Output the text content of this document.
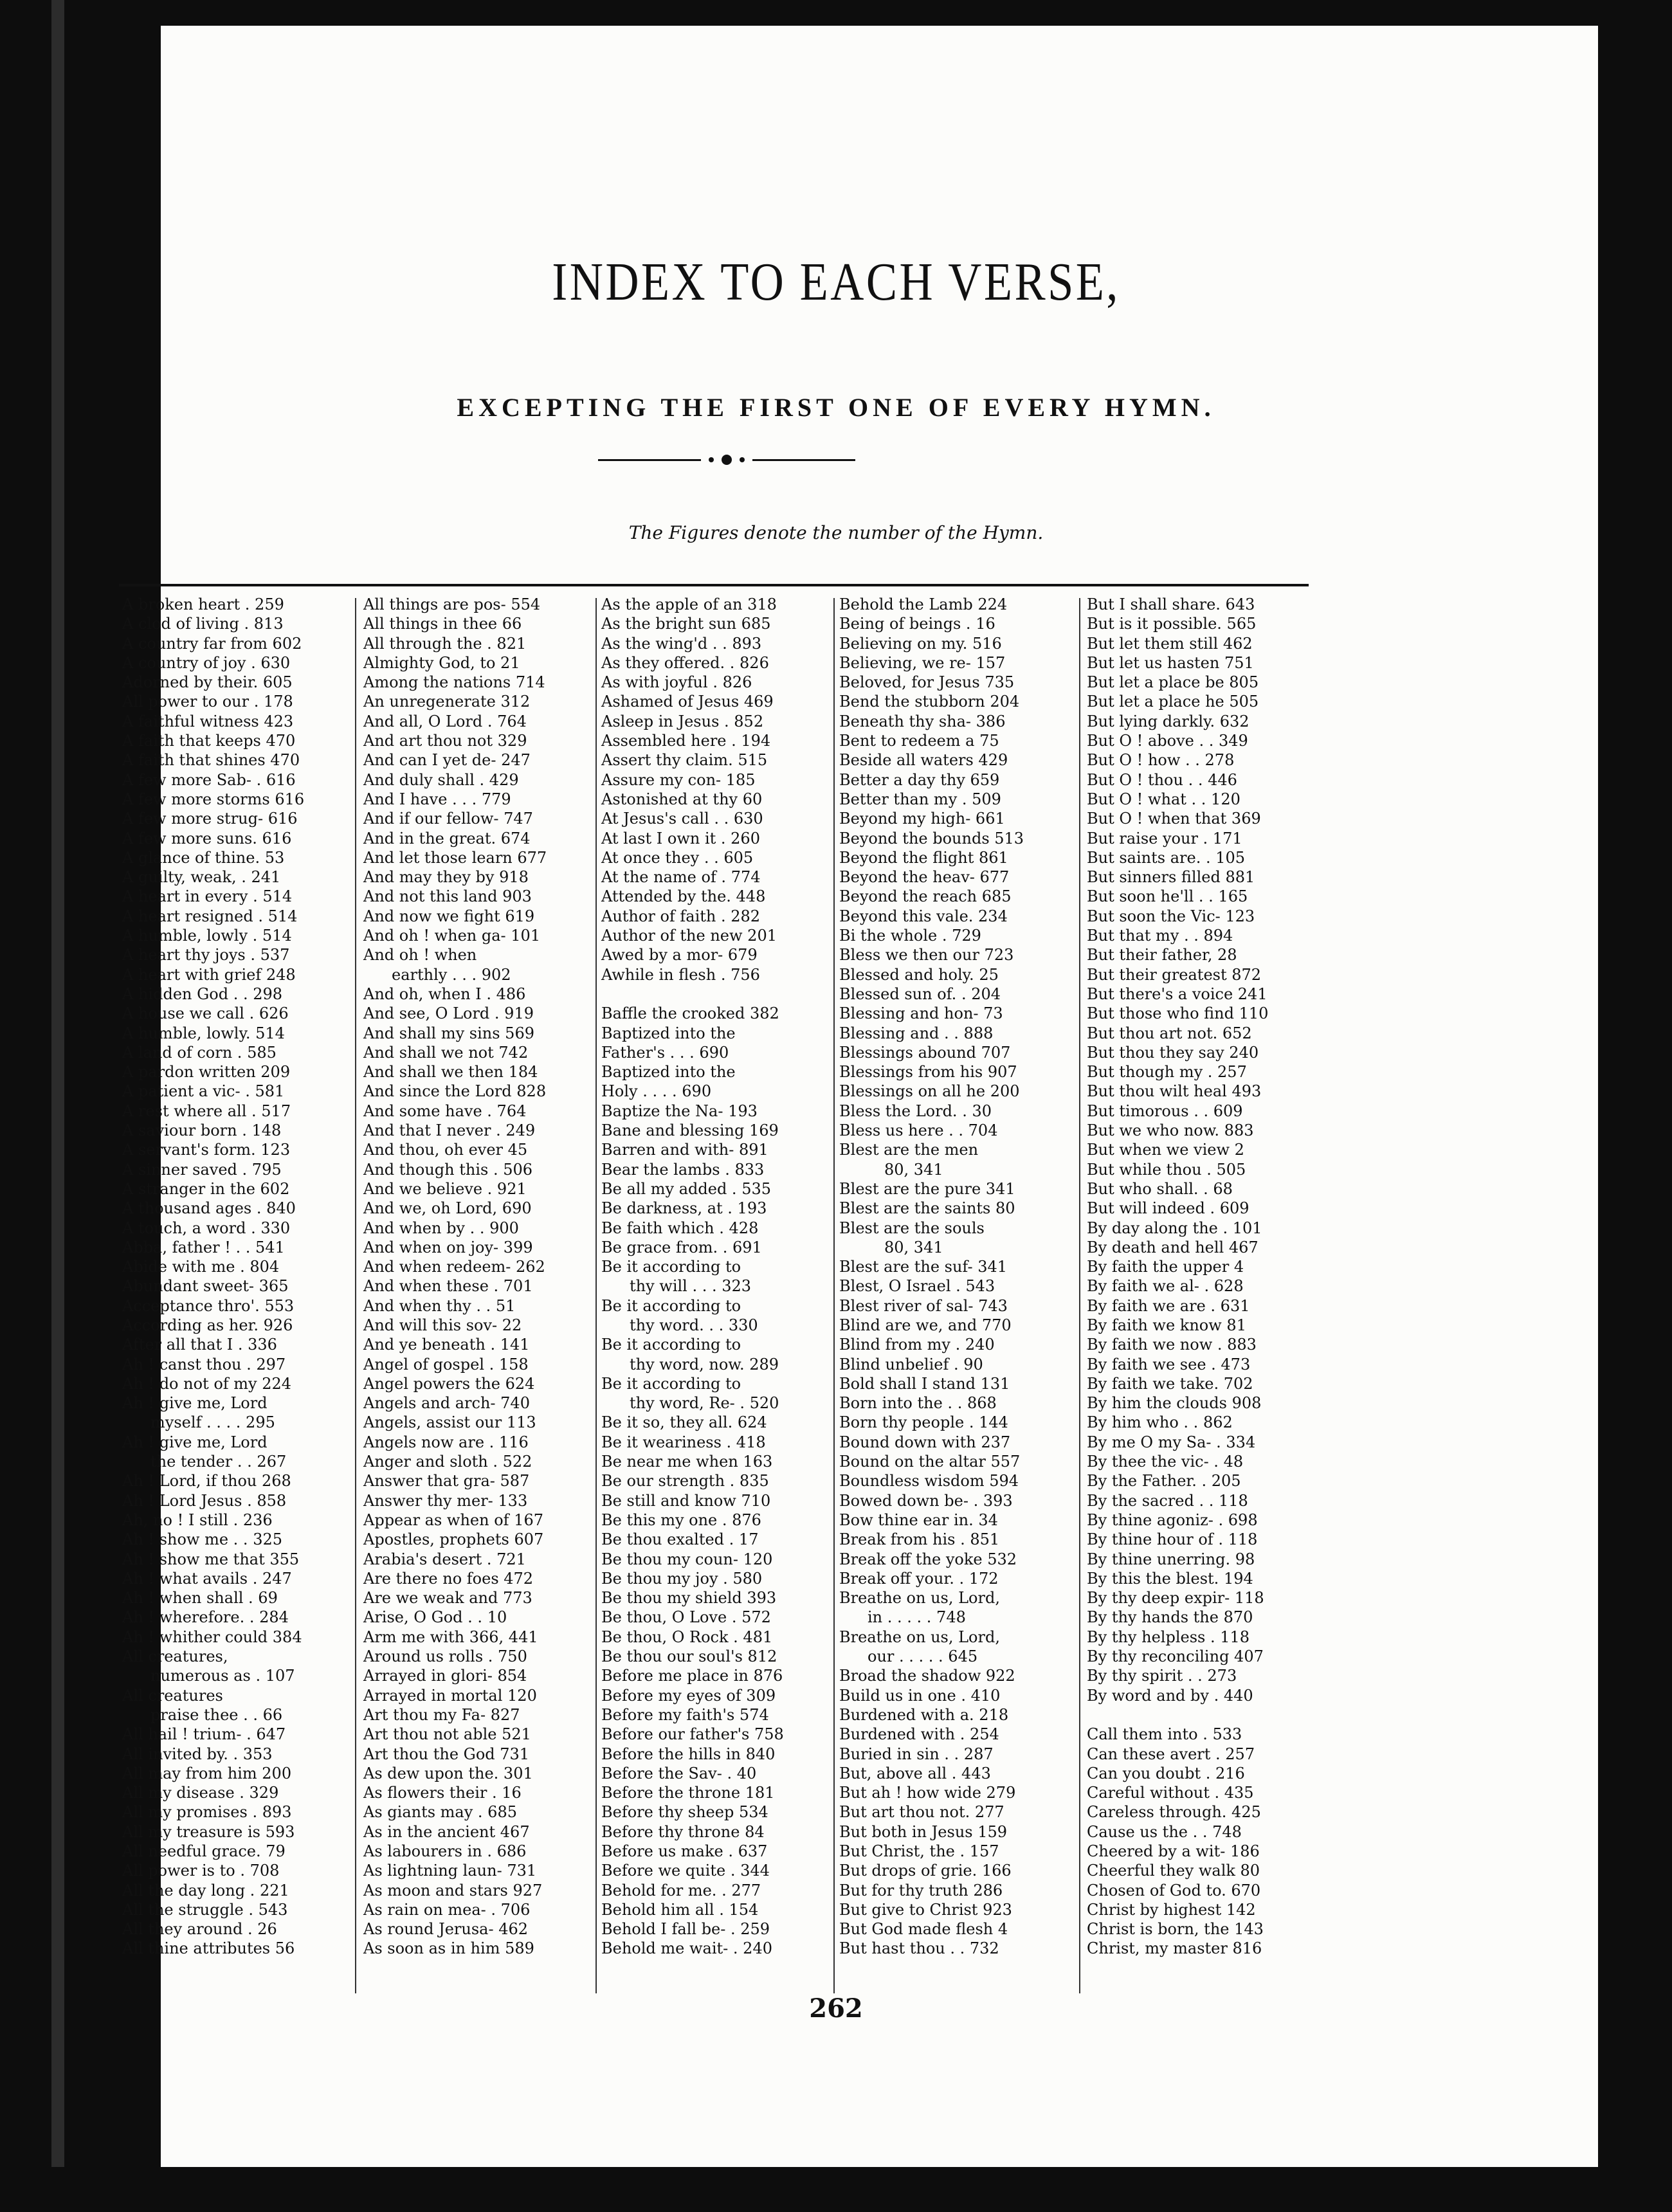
INDEX TO EACH VERSE,
EXCEPTING THE FIRST ONE OF EVERY HYMN.
The Figures denote the number of the Hymn.
A broken heart . 259
A clod of living . 813
A country far from 602
A country of joy . 630
Adorned by their. 605
All power to our . 178
A faithful witness 423
A faith that keeps 470
A faith that shines 470
A few more Sab- . 616
A few more storms 616
A few more strug- 616
A few more suns. 616
A glance of thine. 53
A guilty, weak, . 241
A heart in every . 514
A heart resigned . 514
A humble, lowly . 514
A heart thy joys . 537
A heart with grief 248
A hidden God . . 298
A house we call . 626
A humble, lowly. 514
A land of corn . 585
A pardon written 209
A patient a vic- . 581
A rest where all . 517
A saviour born . 148
A servant's form. 123
A sinner saved . 795
A stranger in the 602
A thousand ages . 840
A touch, a word . 330
Abba, father ! . . 541
Abide with me . 804
Abundant sweet- 365
Acceptance thro'. 553
According as her. 926
After all that I . 336
Ah ! canst thou . 297
Ah ! do not of my 224
Ah ! give me, Lord
myself . . . . 295
Ah ! give me, Lord
the tender . . 267
Ah ! Lord, if thou 268
Ah ! Lord Jesus . 858
Ah, no ! I still . 236
Ah ! show me . . 325
Ah ! show me that 355
Ah ! what avails . 247
Ah ! when shall . 69
Ah ! wherefore. . 284
Ah ! whither could 384
All creatures,
numerous as . 107
All creatures
praise thee . . 66
All hail ! trium- . 647
All invited by. . 353
All may from him 200
All my disease . 329
All my promises . 893
All my treasure is 593
All needful grace. 79
All power is to . 708
All the day long . 221
All the struggle . 543
All they around . 26
All thine attributes 56
All things are pos- 554
All things in thee 66
All through the . 821
Almighty God, to 21
Among the nations 714
An unregenerate 312
And all, O Lord . 764
And art thou not 329
And can I yet de- 247
And duly shall . 429
And I have . . . 779
And if our fellow- 747
And in the great. 674
And let those learn 677
And may they by 918
And not this land 903
And now we fight 619
And oh ! when ga- 101
And oh ! when
earthly . . . 902
And oh, when I . 486
And see, O Lord . 919
And shall my sins 569
And shall we not 742
And shall we then 184
And since the Lord 828
And some have . 764
And that I never . 249
And thou, oh ever 45
And though this . 506
And we believe . 921
And we, oh Lord, 690
And when by . . 900
And when on joy- 399
And when redeem- 262
And when these . 701
And when thy . . 51
And will this sov- 22
And ye beneath . 141
Angel of gospel . 158
Angel powers the 624
Angels and arch- 740
Angels, assist our 113
Angels now are . 116
Anger and sloth . 522
Answer that gra- 587
Answer thy mer- 133
Appear as when of 167
Apostles, prophets 607
Arabia's desert . 721
Are there no foes 472
Are we weak and 773
Arise, O God . . 10
Arm me with 366, 441
Around us rolls . 750
Arrayed in glori- 854
Arrayed in mortal 120
Art thou my Fa- 827
Art thou not able 521
Art thou the God 731
As dew upon the. 301
As flowers their . 16
As giants may . 685
As in the ancient 467
As labourers in . 686
As lightning laun- 731
As moon and stars 927
As rain on mea- . 706
As round Jerusa- 462
As soon as in him 589
As the apple of an 318
As the bright sun 685
As the wing'd . . 893
As they offered. . 826
As with joyful . 826
Ashamed of Jesus 469
Asleep in Jesus . 852
Assembled here . 194
Assert thy claim. 515
Assure my con- 185
Astonished at thy 60
At Jesus's call . . 630
At last I own it . 260
At once they . . 605
At the name of . 774
Attended by the. 448
Author of faith . 282
Author of the new 201
Awed by a mor- 679
Awhile in flesh . 756
Baffle the crooked 382
Baptized into the
Father's . . . 690
Baptized into the
Holy . . . . 690
Baptize the Na- 193
Bane and blessing 169
Barren and with- 891
Bear the lambs . 833
Be all my added . 535
Be darkness, at . 193
Be faith which . 428
Be grace from. . 691
Be it according to
thy will . . . 323
Be it according to
thy word. . . 330
Be it according to
thy word, now. 289
Be it according to
thy word, Re- . 520
Be it so, they all. 624
Be it weariness . 418
Be near me when 163
Be our strength . 835
Be still and know 710
Be this my one . 876
Be thou exalted . 17
Be thou my coun- 120
Be thou my joy . 580
Be thou my shield 393
Be thou, O Love . 572
Be thou, O Rock . 481
Be thou our soul's 812
Before me place in 876
Before my eyes of 309
Before my faith's 574
Before our father's 758
Before the hills in 840
Before the Sav- . 40
Before the throne 181
Before thy sheep 534
Before thy throne 84
Before us make . 637
Before we quite . 344
Behold for me. . 277
Behold him all . 154
Behold I fall be- . 259
Behold me wait- . 240
Behold the Lamb 224
Being of beings . 16
Believing on my. 516
Believing, we re- 157
Beloved, for Jesus 735
Bend the stubborn 204
Beneath thy sha- 386
Bent to redeem a 75
Beside all waters 429
Better a day thy 659
Better than my . 509
Beyond my high- 661
Beyond the bounds 513
Beyond the flight 861
Beyond the heav- 677
Beyond the reach 685
Beyond this vale. 234
Bi the whole . 729
Bless we then our 723
Blessed and holy. 25
Blessed sun of. . 204
Blessing and hon- 73
Blessing and . . 888
Blessings abound 707
Blessings from his 907
Blessings on all he 200
Bless the Lord. . 30
Bless us here . . 704
Blest are the men
80, 341
Blest are the pure 341
Blest are the saints 80
Blest are the souls
80, 341
Blest are the suf- 341
Blest, O Israel . 543
Blest river of sal- 743
Blind are we, and 770
Blind from my . 240
Blind unbelief . 90
Bold shall I stand 131
Born into the . . 868
Born thy people . 144
Bound down with 237
Bound on the altar 557
Boundless wisdom 594
Bowed down be- . 393
Bow thine ear in. 34
Break from his . 851
Break off the yoke 532
Break off your. . 172
Breathe on us, Lord,
in . . . . . 748
Breathe on us, Lord,
our . . . . . 645
Broad the shadow 922
Build us in one . 410
Burdened with a. 218
Burdened with . 254
Buried in sin . . 287
But, above all . 443
But ah ! how wide 279
But art thou not. 277
But both in Jesus 159
But Christ, the . 157
But drops of grie. 166
But for thy truth 286
But give to Christ 923
But God made flesh 4
But hast thou . . 732
But I shall share. 643
But is it possible. 565
But let them still 462
But let us hasten 751
But let a place be 805
But let a place he 505
But lying darkly. 632
But O ! above . . 349
But O ! how . . 278
But O ! thou . . 446
But O ! what . . 120
But O ! when that 369
But raise your . 171
But saints are. . 105
But sinners filled 881
But soon he'll . . 165
But soon the Vic- 123
But that my . . 894
But their father, 28
But their greatest 872
But there's a voice 241
But those who find 110
But thou art not. 652
But thou they say 240
But though my . 257
But thou wilt heal 493
But timorous . . 609
But we who now. 883
But when we view 2
But while thou . 505
But who shall. . 68
But will indeed . 609
By day along the . 101
By death and hell 467
By faith the upper 4
By faith we al- . 628
By faith we are . 631
By faith we know 81
By faith we now . 883
By faith we see . 473
By faith we take. 702
By him the clouds 908
By him who . . 862
By me O my Sa- . 334
By thee the vic- . 48
By the Father. . 205
By the sacred . . 118
By thine agoniz- . 698
By thine hour of . 118
By thine unerring. 98
By this the blest. 194
By thy deep expir- 118
By thy hands the 870
By thy helpless . 118
By thy reconciling 407
By thy spirit . . 273
By word and by . 440
Call them into . 533
Can these avert . 257
Can you doubt . 216
Careful without . 435
Careless through. 425
Cause us the . . 748
Cheered by a wit- 186
Cheerful they walk 80
Chosen of God to. 670
Christ by highest 142
Christ is born, the 143
Christ, my master 816
262
